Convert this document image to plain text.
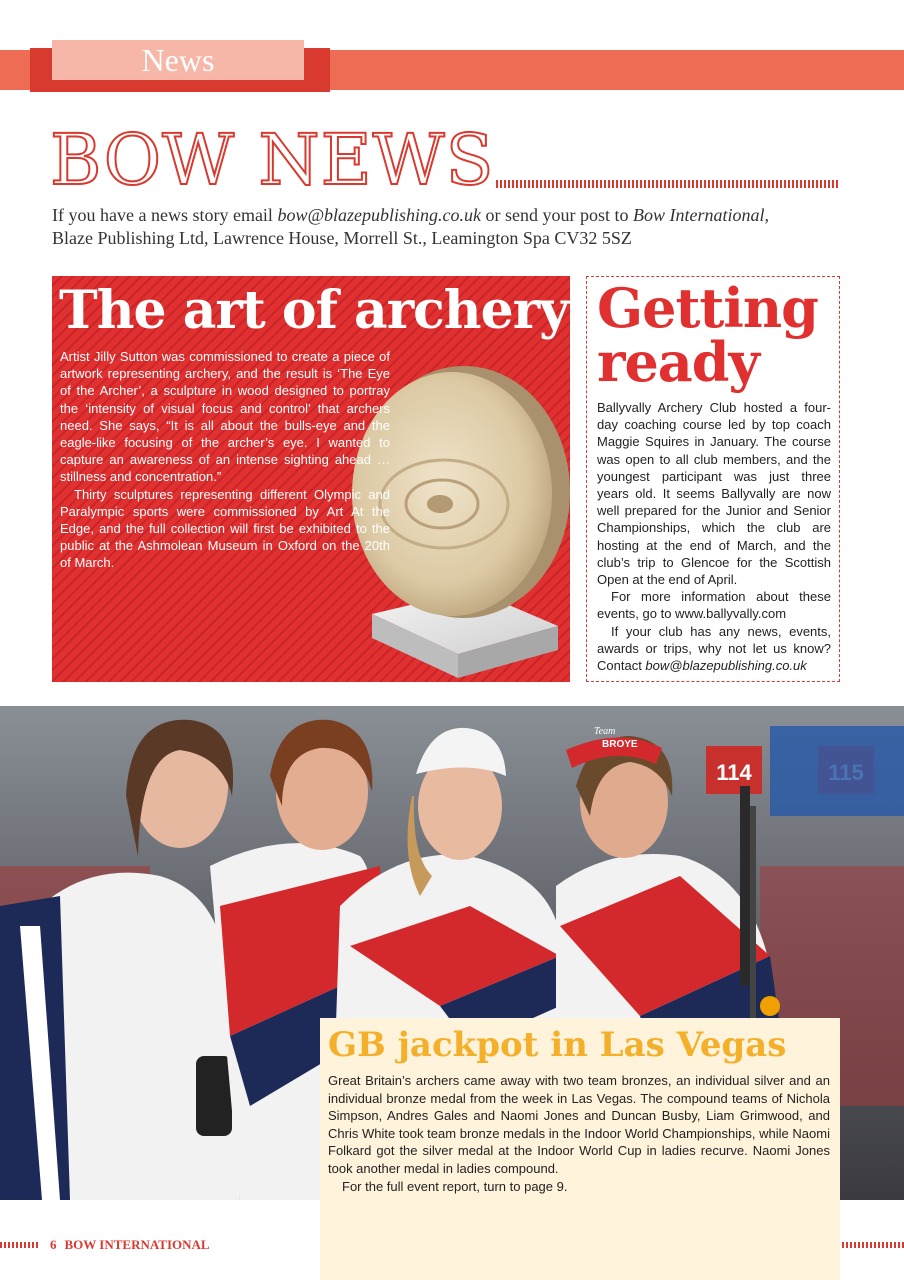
News
BOW NEWS

If you have a news story email bow@blazepublishing.co.uk or send your post to Bow International,
Blaze Publishing Ltd, Lawrence House, Morrell St., Leamington Spa CV32 5SZ

The art of archery

Artist Jilly Sutton was commissioned to create a piece of artwork representing archery, and the result is ‘The Eye of the Archer’, a sculpture in wood designed to portray the ‘intensity of visual focus and control’ that archers need. She says, “It is all about the bulls-eye and the eagle-like focusing of the archer’s eye. I wanted to capture an awareness of an intense sighting ahead … stillness and concentration.”

Thirty sculptures representing different Olympic and Paralympic sports were commissioned by Art At the Edge, and the full collection will first be exhibited to the public at the Ashmolean Museum in Oxford on the 20th of March.

Getting
ready

Ballyvally Archery Club hosted a four-day coaching course led by top coach Maggie Squires in January. The course was open to all club members, and the youngest participant was just three years old. It seems Ballyvally are now well prepared for the Junior and Senior Championships, which the club are hosting at the end of March, and the club’s trip to Glencoe for the Scottish Open at the end of April.

For more information about these events, go to www.ballyvally.com

If your club has any news, events, awards or trips, why not let us know? Contact bow@blazepublishing.co.uk

114
BROYE
Team
GB jackpot in Las Vegas

Great Britain’s archers came away with two team bronzes, an individual silver and an individual bronze medal from the week in Las Vegas. The compound teams of Nichola Simpson, Andres Gales and Naomi Jones and Duncan Busby, Liam Grimwood, and Chris White took team bronze medals in the Indoor World Championships, while Naomi Folkard got the silver medal at the Indoor World Cup in ladies recurve. Naomi Jones took another medal in ladies compound.

For the full event report, turn to page 9.

6 BOW INTERNATIONAL
